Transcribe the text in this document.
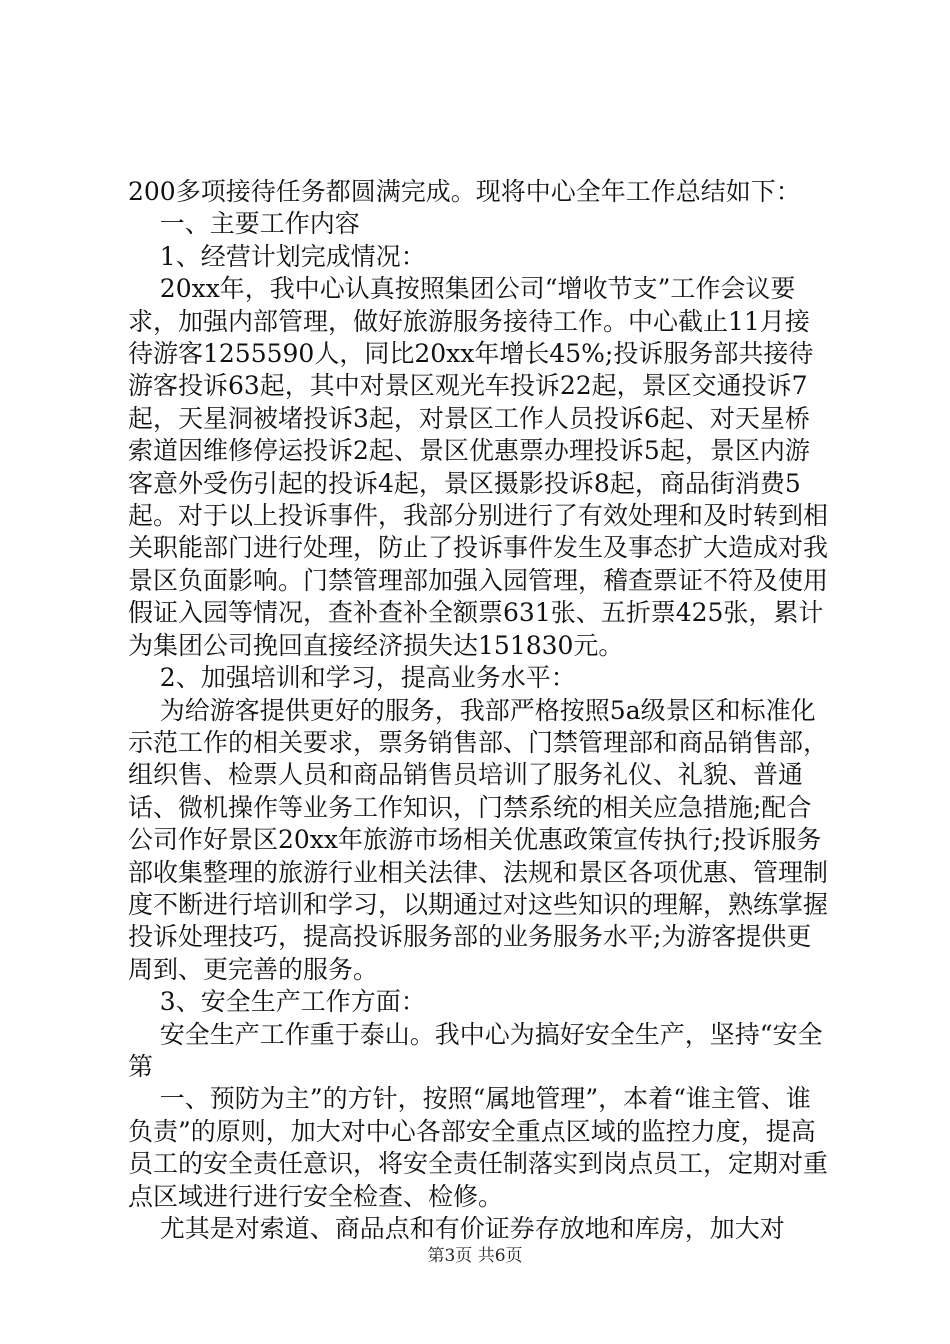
200多项接待任务都圆满完成。现将中心全年工作总结如下：

一、主要工作内容

1、经营计划完成情况：

20xx年，我中心认真按照集团公司“增收节支”工作会议要求，加强内部管理，做好旅游服务接待工作。中心截止11月接待游客1255590人，同比20xx年增长45%;投诉服务部共接待游客投诉63起，其中对景区观光车投诉22起，景区交通投诉7起，天星洞被堵投诉3起，对景区工作人员投诉6起、对天星桥索道因维修停运投诉2起、景区优惠票办理投诉5起，景区内游客意外受伤引起的投诉4起，景区摄影投诉8起，商品街消费5起。对于以上投诉事件，我部分别进行了有效处理和及时转到相关职能部门进行处理，防止了投诉事件发生及事态扩大造成对我景区负面影响。门禁管理部加强入园管理，稽查票证不符及使用假证入园等情况，查补查补全额票631张、五折票425张，累计为集团公司挽回直接经济损失达151830元。

2、加强培训和学习，提高业务水平：

为给游客提供更好的服务，我部严格按照5a级景区和标准化示范工作的相关要求，票务销售部、门禁管理部和商品销售部，组织售、检票人员和商品销售员培训了服务礼仪、礼貌、普通话、微机操作等业务工作知识，门禁系统的相关应急措施;配合公司作好景区20xx年旅游市场相关优惠政策宣传执行;投诉服务部收集整理的旅游行业相关法律、法规和景区各项优惠、管理制度不断进行培训和学习，以期通过对这些知识的理解，熟练掌握投诉处理技巧，提高投诉服务部的业务服务水平;为游客提供更周到、更完善的服务。

3、安全生产工作方面：

安全生产工作重于泰山。我中心为搞好安全生产，坚持“安全第

一、预防为主”的方针，按照“属地管理”，本着“谁主管、谁负责”的原则，加大对中心各部安全重点区域的监控力度，提高员工的安全责任意识，将安全责任制落实到岗点员工，定期对重点区域进行进行安全检查、检修。

尤其是对索道、商品点和有价证券存放地和库房，加大对

第3页 共6页
